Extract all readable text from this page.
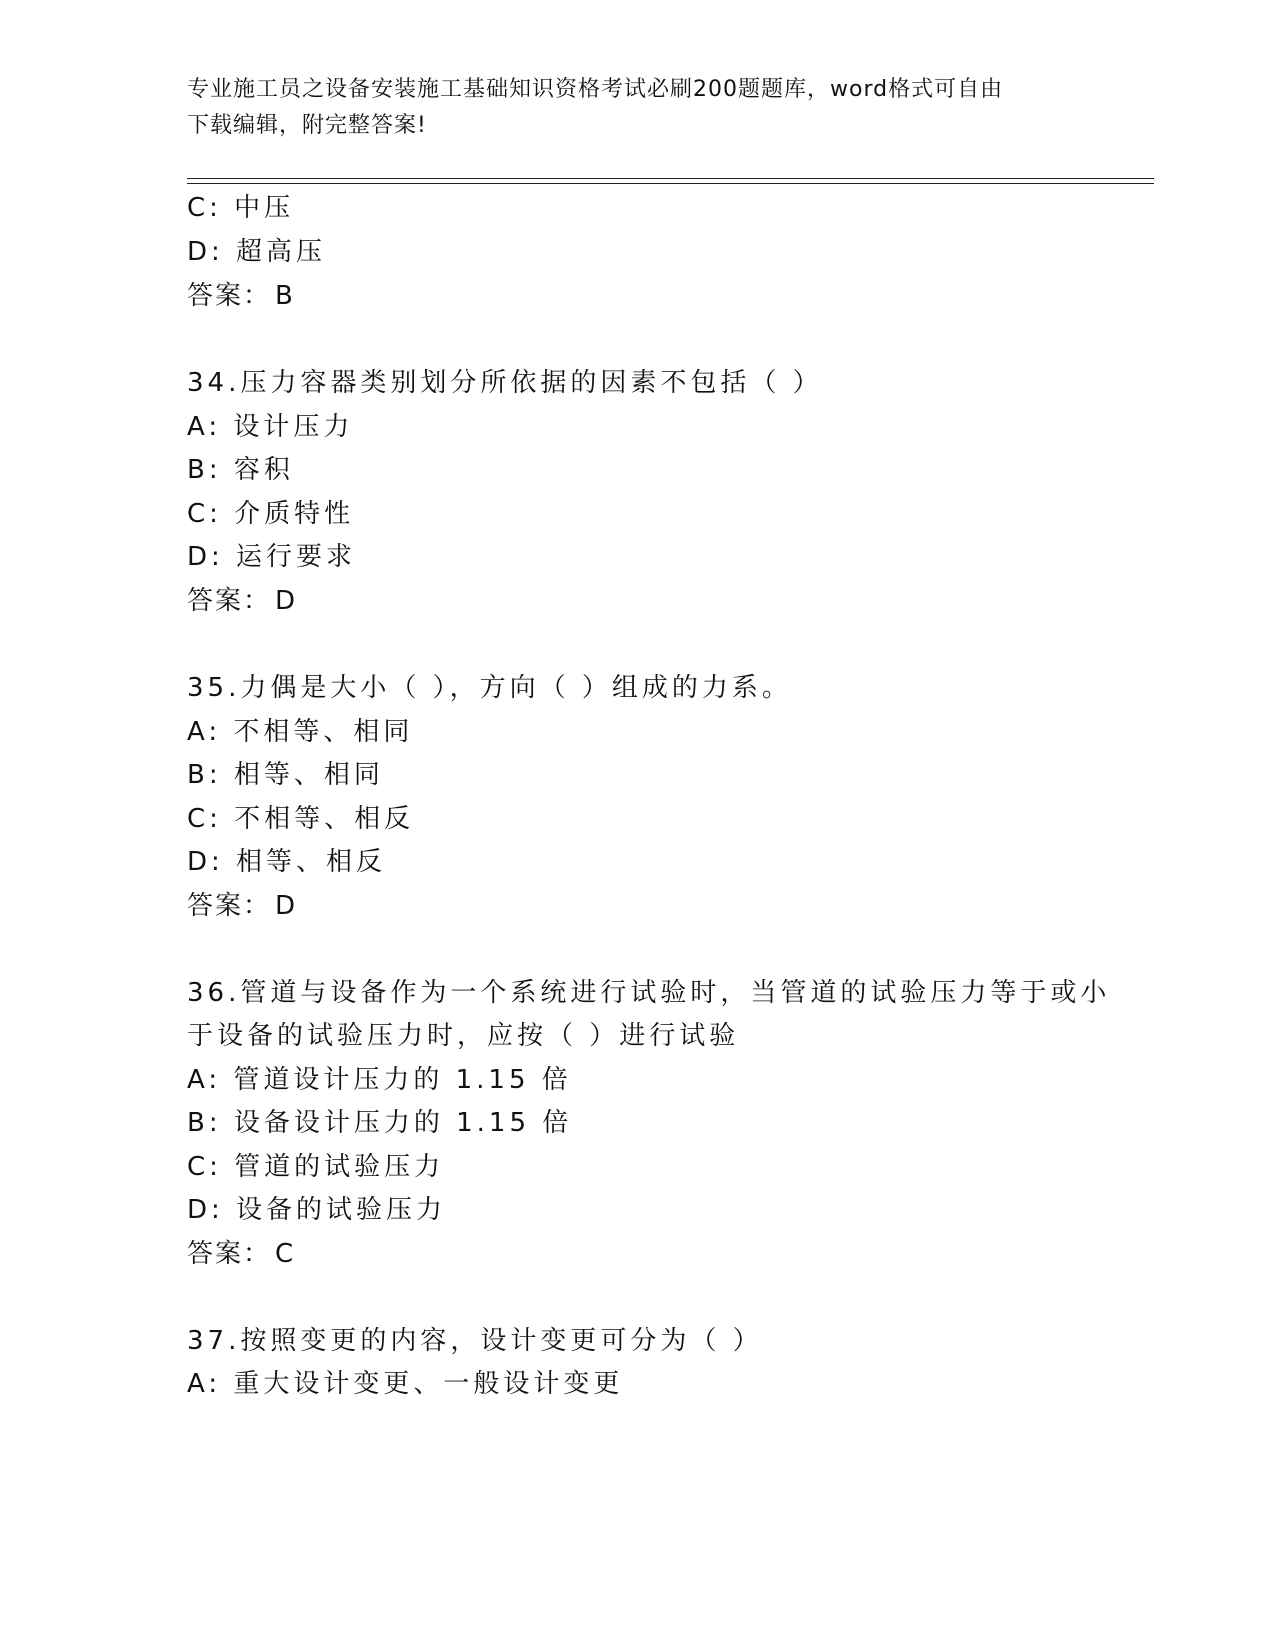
专业施工员之设备安装施工基础知识资格考试必刷200题题库，word格式可自由
下载编辑，附完整答案!
C: 中压
D: 超高压
答案： B
34.压力容器类别划分所依据的因素不包括（ ）
A: 设计压力
B: 容积
C: 介质特性
D: 运行要求
答案： D
35.力偶是大小（ ），方向（ ）组成的力系。
A: 不相等、相同
B: 相等、相同
C: 不相等、相反
D: 相等、相反
答案： D
36.管道与设备作为一个系统进行试验时，当管道的试验压力等于或小
于设备的试验压力时，应按（ ）进行试验
A: 管道设计压力的 1.15 倍
B: 设备设计压力的 1.15 倍
C: 管道的试验压力
D: 设备的试验压力
答案： C
37.按照变更的内容，设计变更可分为（ ）
A: 重大设计变更、一般设计变更
